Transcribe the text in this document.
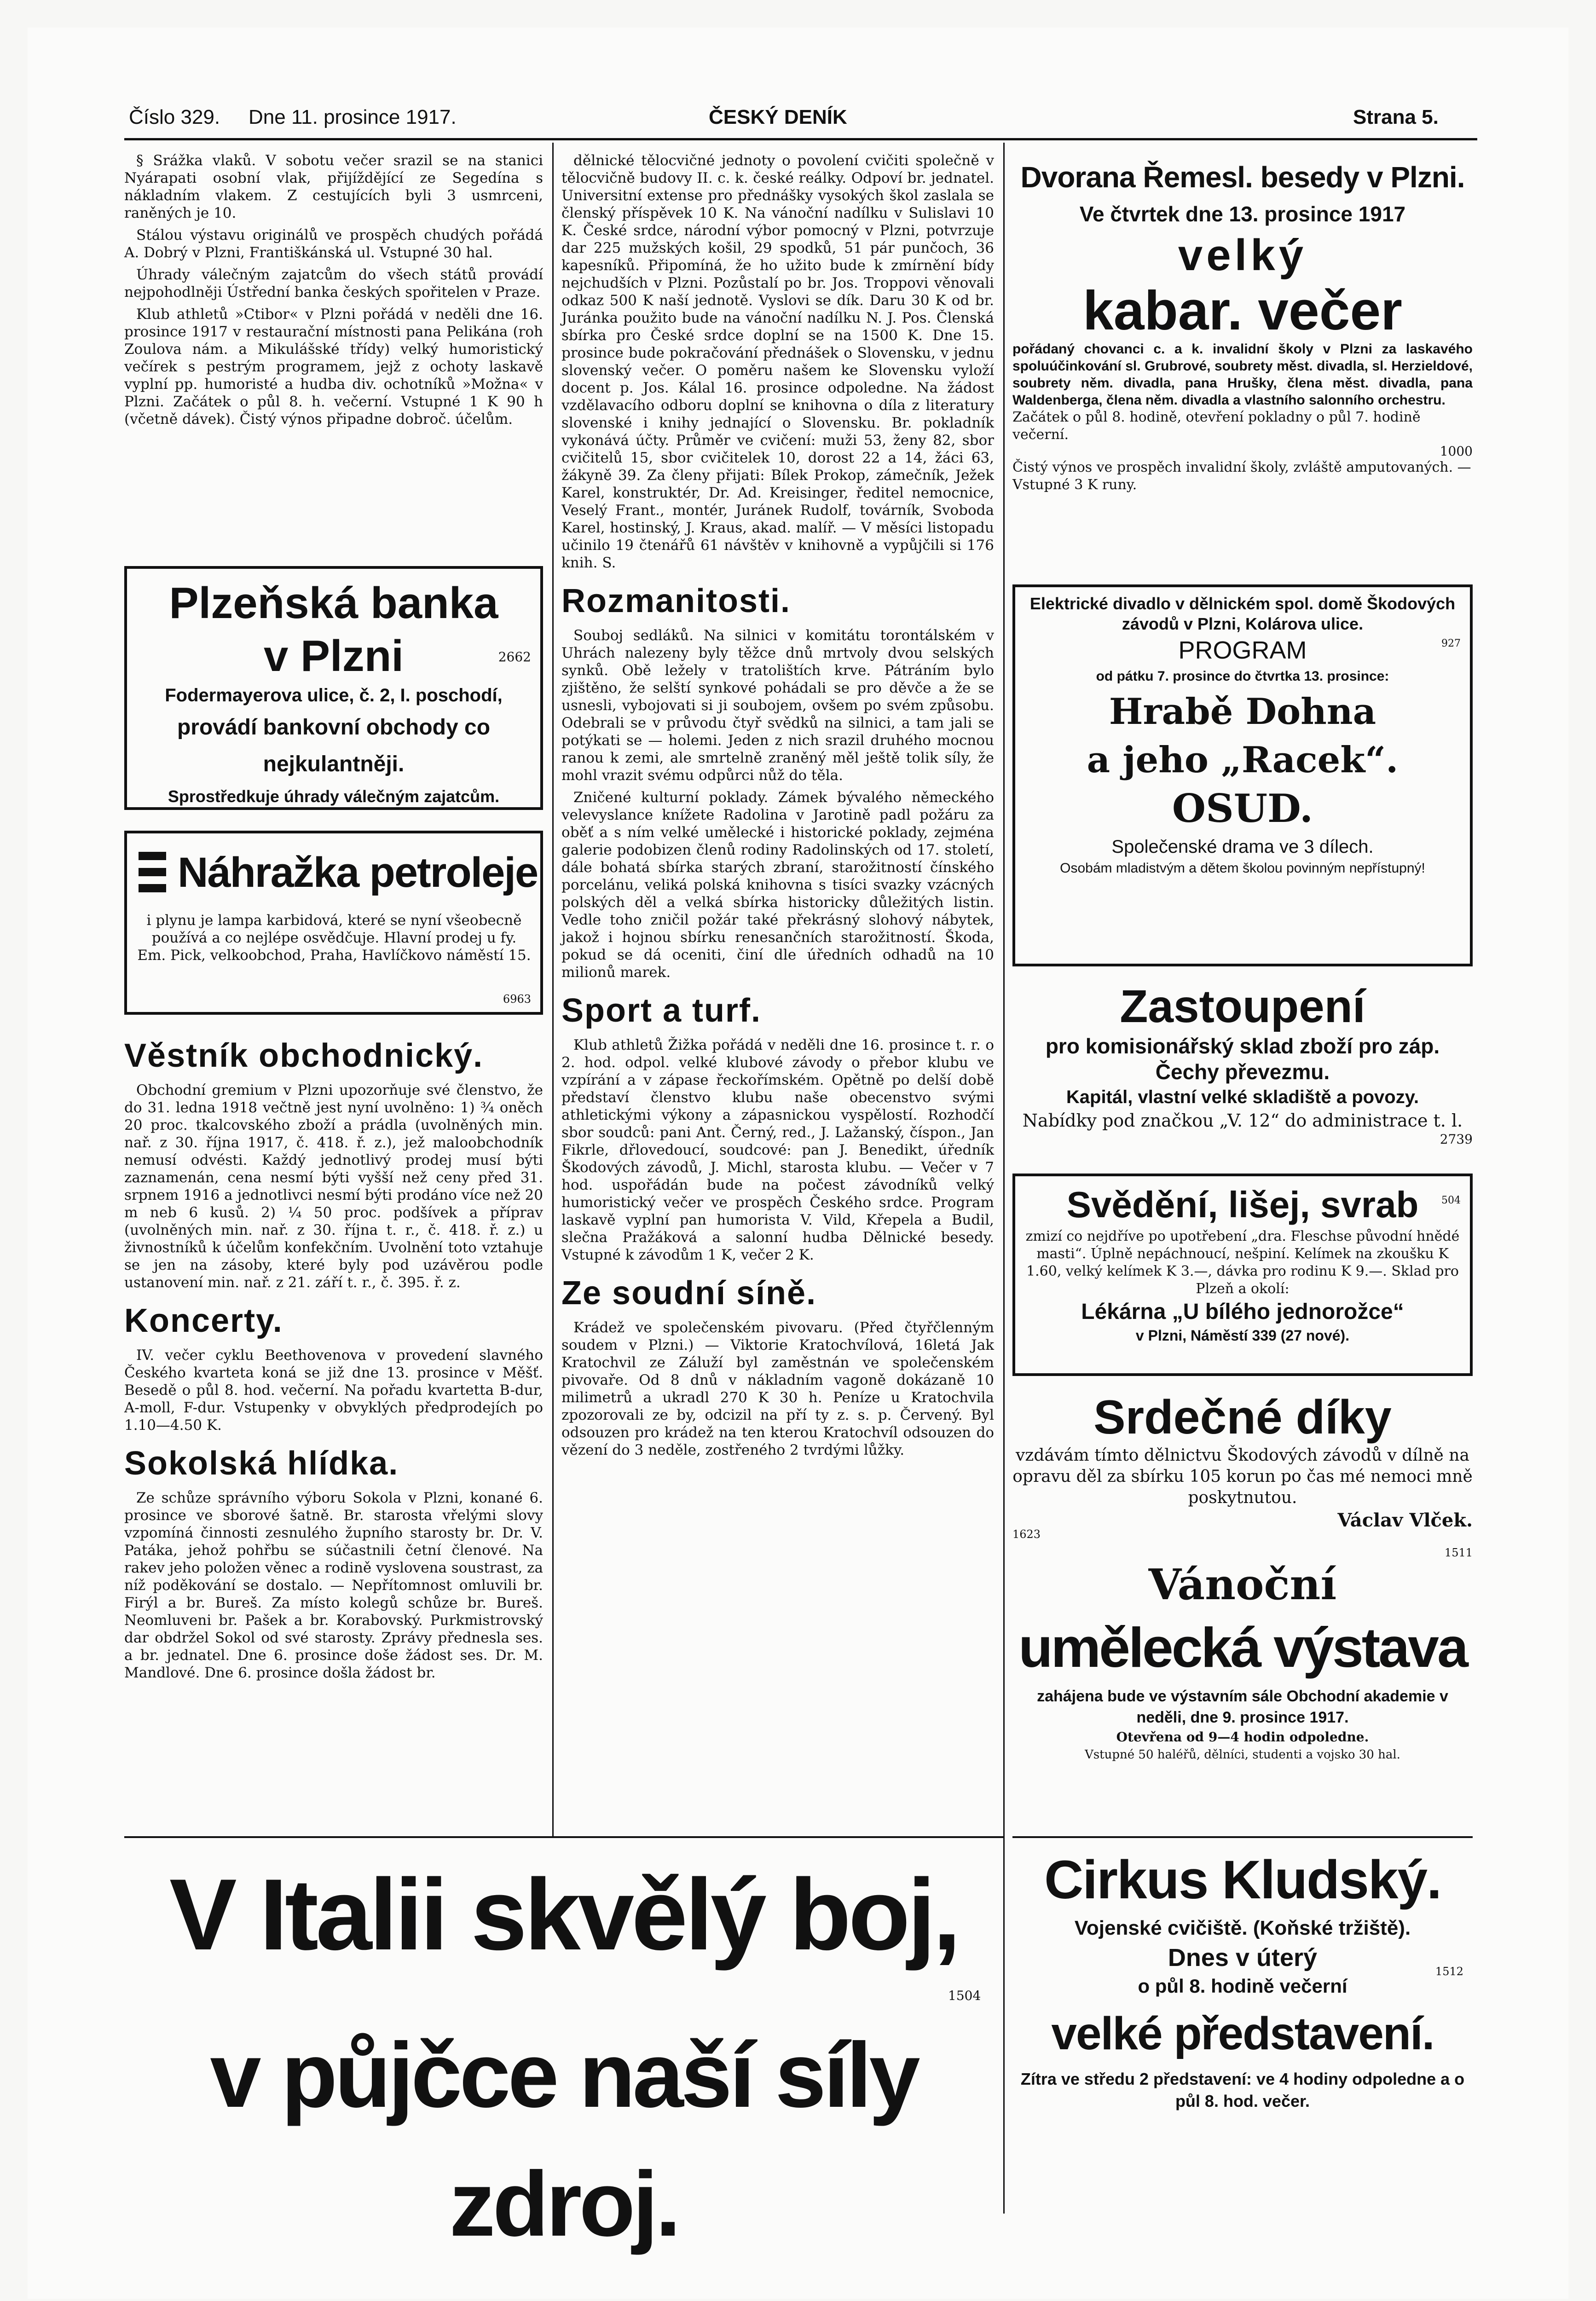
Číslo 329.	Dne 11. prosince 1917.	ČESKÝ DENÍK	Strana 5.

§ Srážka vlaků. V sobotu večer srazil se na stanici Nyárapati osobní vlak, přijíždějící ze Segedína s nákladním vlakem. Z cestujících byli 3 usmrceni, raněných je 10.

Stálou výstavu originálů ve prospěch chudých pořádá A. Dobrý v Plzni, Františkánská ul. Vstupné 30 hal.

Úhrady válečným zajatcům do všech států provádí nejpohodlněji Ústřední banka českých spořitelen v Praze.

Klub athletů »Ctibor« v Plzni pořádá v neděli dne 16. prosince 1917 v restaurační místnosti pana Pelikána (roh Zoulova nám. a Mikulášské třídy) velký humoristický večírek s pestrým programem, jejž z ochoty laskavě vyplní pp. humoristé a hudba div. ochotníků »Možna« v Plzni. Začátek o půl 8. h. večerní. Vstupné 1 K 90 h (včetně dávek). Čistý výnos připadne dobroč. účelům.

Plzeňská banka
v Plzni	2662
Fodermayerova ulice, č. 2, I. poschodí,
provádí bankovní obchody co nejkulantněji.
Sprostředkuje úhrady válečným zajatcům.
Náhražka petroleje
i plynu je lampa karbidová, které se nyní všeobecně používá a co nejlépe osvědčuje. Hlavní prodej u fy. Em. Pick, velkoobchod, Praha, Havlíčkovo náměstí 15.
6963
Věstník obchodnický.

Obchodní gremium v Plzni upozorňuje své členstvo, že do 31. ledna 1918 večtně jest nyní uvolněno: 1) ¾ oněch 20 proc. tkalcovského zboží a prádla (uvolněných min. nař. z 30. října 1917, č. 418. ř. z.), jež maloobchodník nemusí odvésti. Každý jednotlivý prodej musí býti zaznamenán, cena nesmí býti vyšší než ceny před 31. srpnem 1916 a jednotlivci nesmí býti prodáno více než 20 m neb 6 kusů. 2) ¼ 50 proc. podšívek a příprav (uvolněných min. nař. z 30. října t. r., č. 418. ř. z.) u živnostníků k účelům konfekčním. Uvolnění toto vztahuje se jen na zásoby, které byly pod uzávěrou podle ustanovení min. nař. z 21. září t. r., č. 395. ř. z.

Koncerty.

IV. večer cyklu Beethovenova v provedení slavného Českého kvarteta koná se již dne 13. prosince v Měšť. Besedě o půl 8. hod. večerní. Na pořadu kvartetta B-dur, A-moll, F-dur. Vstupenky v obvyklých předprodejích po 1.10—4.50 K.

Sokolská hlídka.

Ze schůze správního výboru Sokola v Plzni, konané 6. prosince ve sborové šatně. Br. starosta vřelými slovy vzpomíná činnosti zesnulého župního starosty br. Dr. V. Patáka, jehož pohřbu se súčastnili četní členové. Na rakev jeho položen věnec a rodině vyslovena soustrast, za níž poděkování se dostalo. — Nepřítomnost omluvili br. Firýl a br. Bureš. Za místo kolegů schůze br. Bureš. Neomluveni br. Pašek a br. Korabovský. Purkmistrovský dar obdržel Sokol od své starosty. Zprávy přednesla ses. a br. jednatel. Dne 6. prosince doše žádost ses. Dr. M. Mandlové. Dne 6. prosince došla žádost br.

dělnické tělocvičné jednoty o povolení cvičiti společně v tělocvičně budovy II. c. k. české reálky. Odpoví br. jednatel. Universitní extense pro přednášky vysokých škol zaslala se členský příspěvek 10 K. Na vánoční nadílku v Sulislavi 10 K. České srdce, národní výbor pomocný v Plzni, potvrzuje dar 225 mužských košil, 29 spodků, 51 pár punčoch, 36 kapesníků. Připomíná, že ho užito bude k zmírnění bídy nejchudších v Plzni. Pozůstalí po br. Jos. Troppovi věnovali odkaz 500 K naší jednotě. Vyslovi se dík. Daru 30 K od br. Juránka použito bude na vánoční nadílku N. J. Pos. Členská sbírka pro České srdce doplní se na 1500 K. Dne 15. prosince bude pokračování přednášek o Slovensku, v jednu slovenský večer. O poměru našem ke Slovensku vyloží docent p. Jos. Kálal 16. prosince odpoledne. Na žádost vzdělavacího odboru doplní se knihovna o díla z literatury slovenské i knihy jednající o Slovensku. Br. pokladník vykonává účty. Průměr ve cvičení: muži 53, ženy 82, sbor cvičitelů 15, sbor cvičitelek 10, dorost 22 a 14, žáci 63, žákyně 39. Za členy přijati: Bílek Prokop, zámečník, Ježek Karel, konstruktér, Dr. Ad. Kreisinger, ředitel nemocnice, Veselý Frant., montér, Juránek Rudolf, továrník, Svoboda Karel, hostinský, J. Kraus, akad. malíř. — V měsíci listopadu učinilo 19 čtenářů 61 návštěv v knihovně a vypůjčili si 176 knih. S.

Rozmanitosti.

Souboj sedláků. Na silnici v komitátu torontálském v Uhrách nalezeny byly těžce dnů mrtvoly dvou selských synků. Obě ležely v tratolištích krve. Pátráním bylo zjištěno, že selští synkové pohádali se pro děvče a že se usnesli, vybojovati si ji soubojem, ovšem po svém způsobu. Odebrali se v průvodu čtyř svědků na silnici, a tam jali se potýkati se — holemi. Jeden z nich srazil druhého mocnou ranou k zemi, ale smrtelně zraněný měl ještě tolik síly, že mohl vrazit svému odpůrci nůž do těla.

Zničené kulturní poklady. Zámek bývalého německého velevyslance knížete Radolina v Jarotině padl požáru za oběť a s ním velké umělecké i historické poklady, zejména galerie podobizen členů rodiny Radolinských od 17. století, dále bohatá sbírka starých zbraní, starožitností čínského porcelánu, veliká polská knihovna s tisíci svazky vzácných polských děl a velká sbírka historicky důležitých listin. Vedle toho zničil požár také překrásný slohový nábytek, jakož i hojnou sbírku renesančních starožitností. Škoda, pokud se dá oceniti, činí dle úředních odhadů na 10 milionů marek.

Sport a turf.

Klub athletů Žižka pořádá v neděli dne 16. prosince t. r. o 2. hod. odpol. velké klubové závody o přebor klubu ve vzpírání a v zápase řeckořímském. Opětně po delší době představí členstvo klubu naše obecenstvo svými athletickými výkony a zápasnickou vyspělostí. Rozhodčí sbor soudců: pani Ant. Černý, red., J. Lažanský, číspon., Jan Fikrle, dřlovedoucí, soudcové: pan J. Benedikt, úředník Škodových závodů, J. Michl, starosta klubu. — Večer v 7 hod. uspořádán bude na počest závodníků velký humoristický večer ve prospěch Českého srdce. Program laskavě vyplní pan humorista V. Vild, Křepela a Budil, slečna Pražáková a salonní hudba Dělnické besedy. Vstupné k závodům 1 K, večer 2 K.

Ze soudní síně.

Krádež ve společenském pivovaru. (Před čtyřčlenným soudem v Plzni.) — Viktorie Kratochvílová, 16letá Jak Kratochvil ze Záluží byl zaměstnán ve společenském pivovaře. Od 8 dnů v nákladním vagoně dokázaně 10 milimetrů a ukradl 270 K 30 h. Peníze u Kratochvila zpozorovali ze by, odcizil na pří ty z. s. p. Červený. Byl odsouzen pro krádež na ten kterou Kratochvíl odsouzen do vězení do 3 neděle, zostřeného 2 tvrdými lůžky.

Dvorana Řemesl. besedy v Plzni.
Ve čtvrtek dne 13. prosince 1917
velký
kabar. večer
pořádaný chovanci c. a k. invalidní školy v Plzni za laskavého spoluúčinkování sl. Grubrové, soubrety měst. divadla, sl. Herzieldové, soubrety něm. divadla, pana Hrušky, člena měst. divadla, pana Waldenberga, člena něm. divadla a vlastního salonního orchestru.
Začátek o půl 8. hodině, otevření pokladny o půl 7. hodině večerní.
1000
Čistý výnos ve prospěch invalidní školy, zvláště amputovaných. — Vstupné 3 K runy.
Elektrické divadlo v dělnickém spol. domě Škodových závodů v Plzni, Kolárova ulice.
PROGRAM	927
od pátku 7. prosince do čtvrtka 13. prosince:
Hrabě Dohna
a jeho „Racek“.
OSUD.
Společenské drama ve 3 dílech.
Osobám mladistvým a dětem školou povinným nepřístupný!
Zastoupení
pro komisionářský sklad zboží pro záp. Čechy převezmu.
Kapitál, vlastní velké skladiště a povozy.
Nabídky pod značkou „V. 12“ do administrace t. l.
2739
Svědění, lišej, svrab	504
zmizí co nejdříve po upotřebení „dra. Fleschse původní hnědé masti“. Úplně nepáchnoucí, nešpiní. Kelímek na zkoušku K 1.60, velký kelímek K 3.—, dávka pro rodinu K 9.—. Sklad pro Plzeň a okolí:
Lékárna „U bílého jednorožce“
v Plzni, Náměstí 339 (27 nové).
Srdečné díky
vzdávám tímto dělnictvu Škodových závodů v dílně na opravu děl za sbírku 105 korun po čas mé nemoci mně poskytnutou.
Václav Vlček.
1623
1511
Vánoční
umělecká výstava
zahájena bude ve výstavním sále Obchodní akademie v neděli, dne 9. prosince 1917.
Otevřena od 9—4 hodin odpoledne.
Vstupné 50 haléřů, dělníci, studenti a vojsko 30 hal.
Cirkus Kludský.
Vojenské cvičiště. (Koňské tržiště).
Dnes v úterý
o půl 8. hodině večerní
1512
velké představení.
Zítra ve středu 2 představení: ve 4 hodiny odpoledne a o půl 8. hod. večer.
V Italii skvělý boj,
1504
v půjčce naší síly zdroj.
